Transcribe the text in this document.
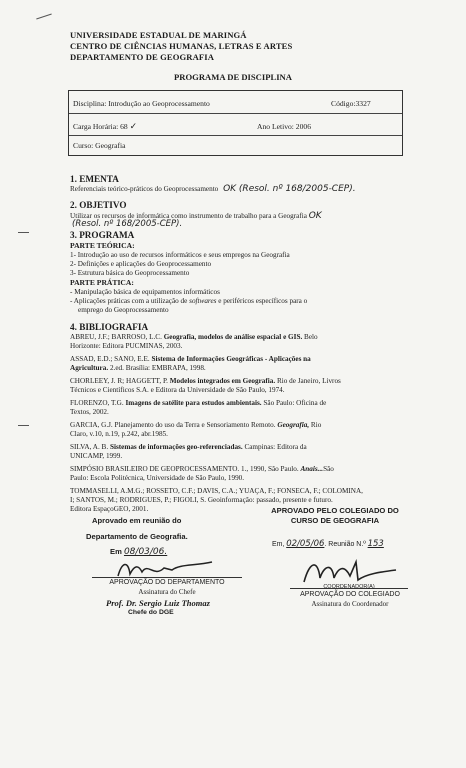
UNIVERSIDADE ESTADUAL DE MARINGÁ
CENTRO DE CIÊNCIAS HUMANAS, LETRAS E ARTES
DEPARTAMENTO DE GEOGRAFIA
PROGRAMA DE DISCIPLINA
Disciplina: Introdução ao Geoprocessamento	Código:3327
Carga Horária: 68 ✓	Ano Letivo: 2006
Curso: Geografia
1. EMENTA
Referenciais teórico-práticos do Geoprocessamento OK (Resol. nº 168/2005-CEP).
2. OBJETIVO
Utilizar os recursos de informática como instrumento de trabalho para a Geografia OK
(Resol. nº 168/2005-CEP).
3. PROGRAMA
PARTE TEÓRICA:
1- Introdução ao uso de recursos informáticos e seus empregos na Geografia
2- Definições e aplicações do Geoprocessamento
3- Estrutura básica do Geoprocessamento
PARTE PRÁTICA:
- Manipulação básica de equipamentos informáticos
- Aplicações práticas com a utilização de softwares e periféricos específicos para o
emprego do Geoprocessamento
4. BIBLIOGRAFIA
ABREU, J.F.; BARROSO, L.C. Geografia, modelos de análise espacial e GIS. Belo
Horizonte: Editora PUCMINAS, 2003.
ASSAD, E.D.; SANO, E.E. Sistema de Informações Geográficas - Aplicações na
Agricultura. 2.ed. Brasília: EMBRAPA, 1998.
CHORLEEY, J. R; HAGGETT, P. Modelos integrados em Geografia. Rio de Janeiro, Livros
Técnicos e Científicos S.A. e Editora da Universidade de São Paulo, 1974.
FLORENZO, T.G. Imagens de satélite para estudos ambientais. São Paulo: Oficina de
Textos, 2002.
GARCIA, G.J. Planejamento do uso da Terra e Sensoriamento Remoto. Geografia, Rio
Claro, v.10, n.19, p.242, abr.1985.
SILVA, A. B. Sistemas de informações geo-referenciadas. Campinas: Editora da
UNICAMP, 1999.
SIMPÓSIO BRASILEIRO DE GEOPROCESSAMENTO. 1., 1990, São Paulo. Anais...São
Paulo: Escola Politécnica, Universidade de São Paulo, 1990.
TOMMASELLI, A.M.G.; ROSSETO, C.F.; DAVIS, C.A.; YUAÇA, F.; FONSECA, F.; COLOMINA,
I; SANTOS, M.; RODRIGUES, P.; FIGOLI, S. Geoinformação: passado, presente e futuro.
Editora EspaçoGEO, 2001.	APROVADO PELO COLEGIADO DO
CURSO DE GEOGRAFIA
Em, 02/05/06. Reunião N.º 153
COORDENADOR(A)
APROVAÇÃO DO COLEGIADO
Assinatura do Coordenador
Aprovado em reunião do
Departamento de Geografia.
Em 08/03/06.
APROVAÇÃO DO DEPARTAMENTO
Assinatura do Chefe
Prof. Dr. Sergio Luiz Thomaz
Chefe do DGE
